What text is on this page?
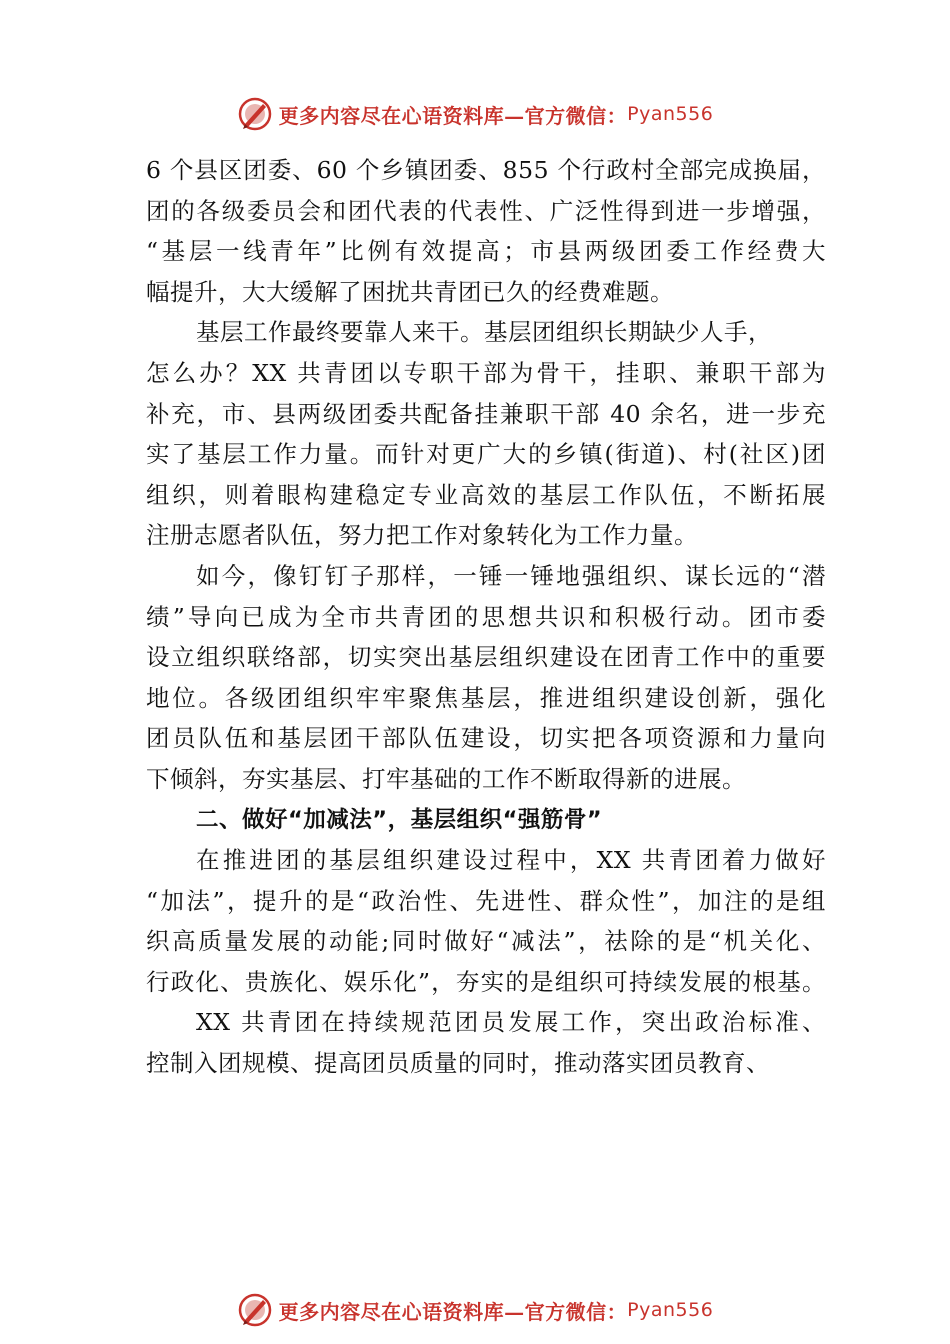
更多内容尽在心语资料库—官方微信： Pyan556
6 个县区团委、60 个乡镇团委、855 个行政村全部完成换届，
团的各级委员会和团代表的代表性、广泛性得到进一步增强，
“基层一线青年”比例有效提高；市县两级团委工作经费大
幅提升，大大缓解了困扰共青团已久的经费难题。
基层工作最终要靠人来干。基层团组织长期缺少人手，
怎么办？XX 共青团以专职干部为骨干，挂职、兼职干部为
补充，市、县两级团委共配备挂兼职干部 40 余名，进一步充
实了基层工作力量。而针对更广大的乡镇(街道)、村(社区)团
组织，则着眼构建稳定专业高效的基层工作队伍，不断拓展
注册志愿者队伍，努力把工作对象转化为工作力量。
如今，像钉钉子那样，一锤一锤地强组织、谋长远的“潜
绩”导向已成为全市共青团的思想共识和积极行动。团市委
设立组织联络部，切实突出基层组织建设在团青工作中的重要
地位。各级团组织牢牢聚焦基层，推进组织建设创新，强化
团员队伍和基层团干部队伍建设，切实把各项资源和力量向
下倾斜，夯实基层、打牢基础的工作不断取得新的进展。
二、做好“加减法”，基层组织“强筋骨”
在推进团的基层组织建设过程中，XX 共青团着力做好
“加法”，提升的是“政治性、先进性、群众性”，加注的是组
织高质量发展的动能;同时做好“减法”，祛除的是“机关化、
行政化、贵族化、娱乐化”，夯实的是组织可持续发展的根基。
XX 共青团在持续规范团员发展工作，突出政治标准、
控制入团规模、提高团员质量的同时，推动落实团员教育、
更多内容尽在心语资料库—官方微信： Pyan556
